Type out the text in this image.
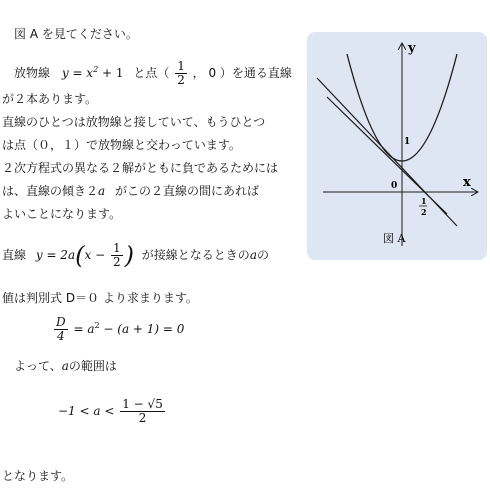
図 A を見てください。
放物線 $y = x^2 + 1$ と点（ $\frac{1}{2}$ ， 0 ）を通る直線
が２本あります。
直線のひとつは放物線と接していて、もうひとつ
は点（０，１）で放物線と交わっています。
２次方程式の異なる２解がともに負であるためには
は、直線の傾き２a がこの２直線の間にあれば
よいことになります。
直線 $y = 2a(x - \frac{1}{2}$ ) が接線となるときのaの
値は判別式 D＝０ より求まります。
$\frac{D}{4} = a^2 - (a + 1) = 0$
よって、aの範囲は
$-1 < a < \frac{1 - √5}{2}$
となります。
y
x
0
1
1
2
図 A
